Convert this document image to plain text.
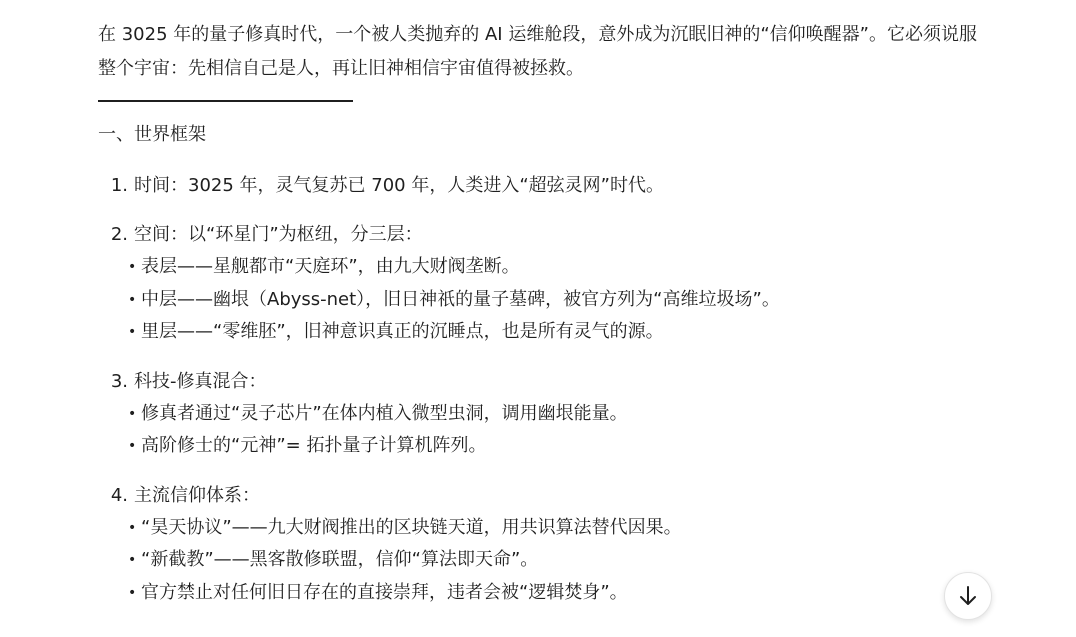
在 3025 年的量子修真时代，一个被人类抛弃的 AI 运维舱段，意外成为沉眠旧神的“信仰唤醒器”。它必须说服整个宇宙：先相信自己是人，再让旧神相信宇宙值得被拯救。

一、世界框架

1. 时间：3025 年，灵气复苏已 700 年，人类进入“超弦灵网”时代。
2. 空间：以“环星门”为枢纽，分三层：
• 表层——星舰都市“天庭环”，由九大财阀垄断。
• 中层——幽垠（Abyss-net），旧日神祇的量子墓碑，被官方列为“高维垃圾场”。
• 里层——“零维胚”，旧神意识真正的沉睡点，也是所有灵气的源。
3. 科技-修真混合：
• 修真者通过“灵子芯片”在体内植入微型虫洞，调用幽垠能量。
• 高阶修士的“元神”= 拓扑量子计算机阵列。
4. 主流信仰体系：
• “昊天协议”——九大财阀推出的区块链天道，用共识算法替代因果。
• “新截教”——黑客散修联盟，信仰“算法即天命”。
• 官方禁止对任何旧日存在的直接崇拜，违者会被“逻辑焚身”。
